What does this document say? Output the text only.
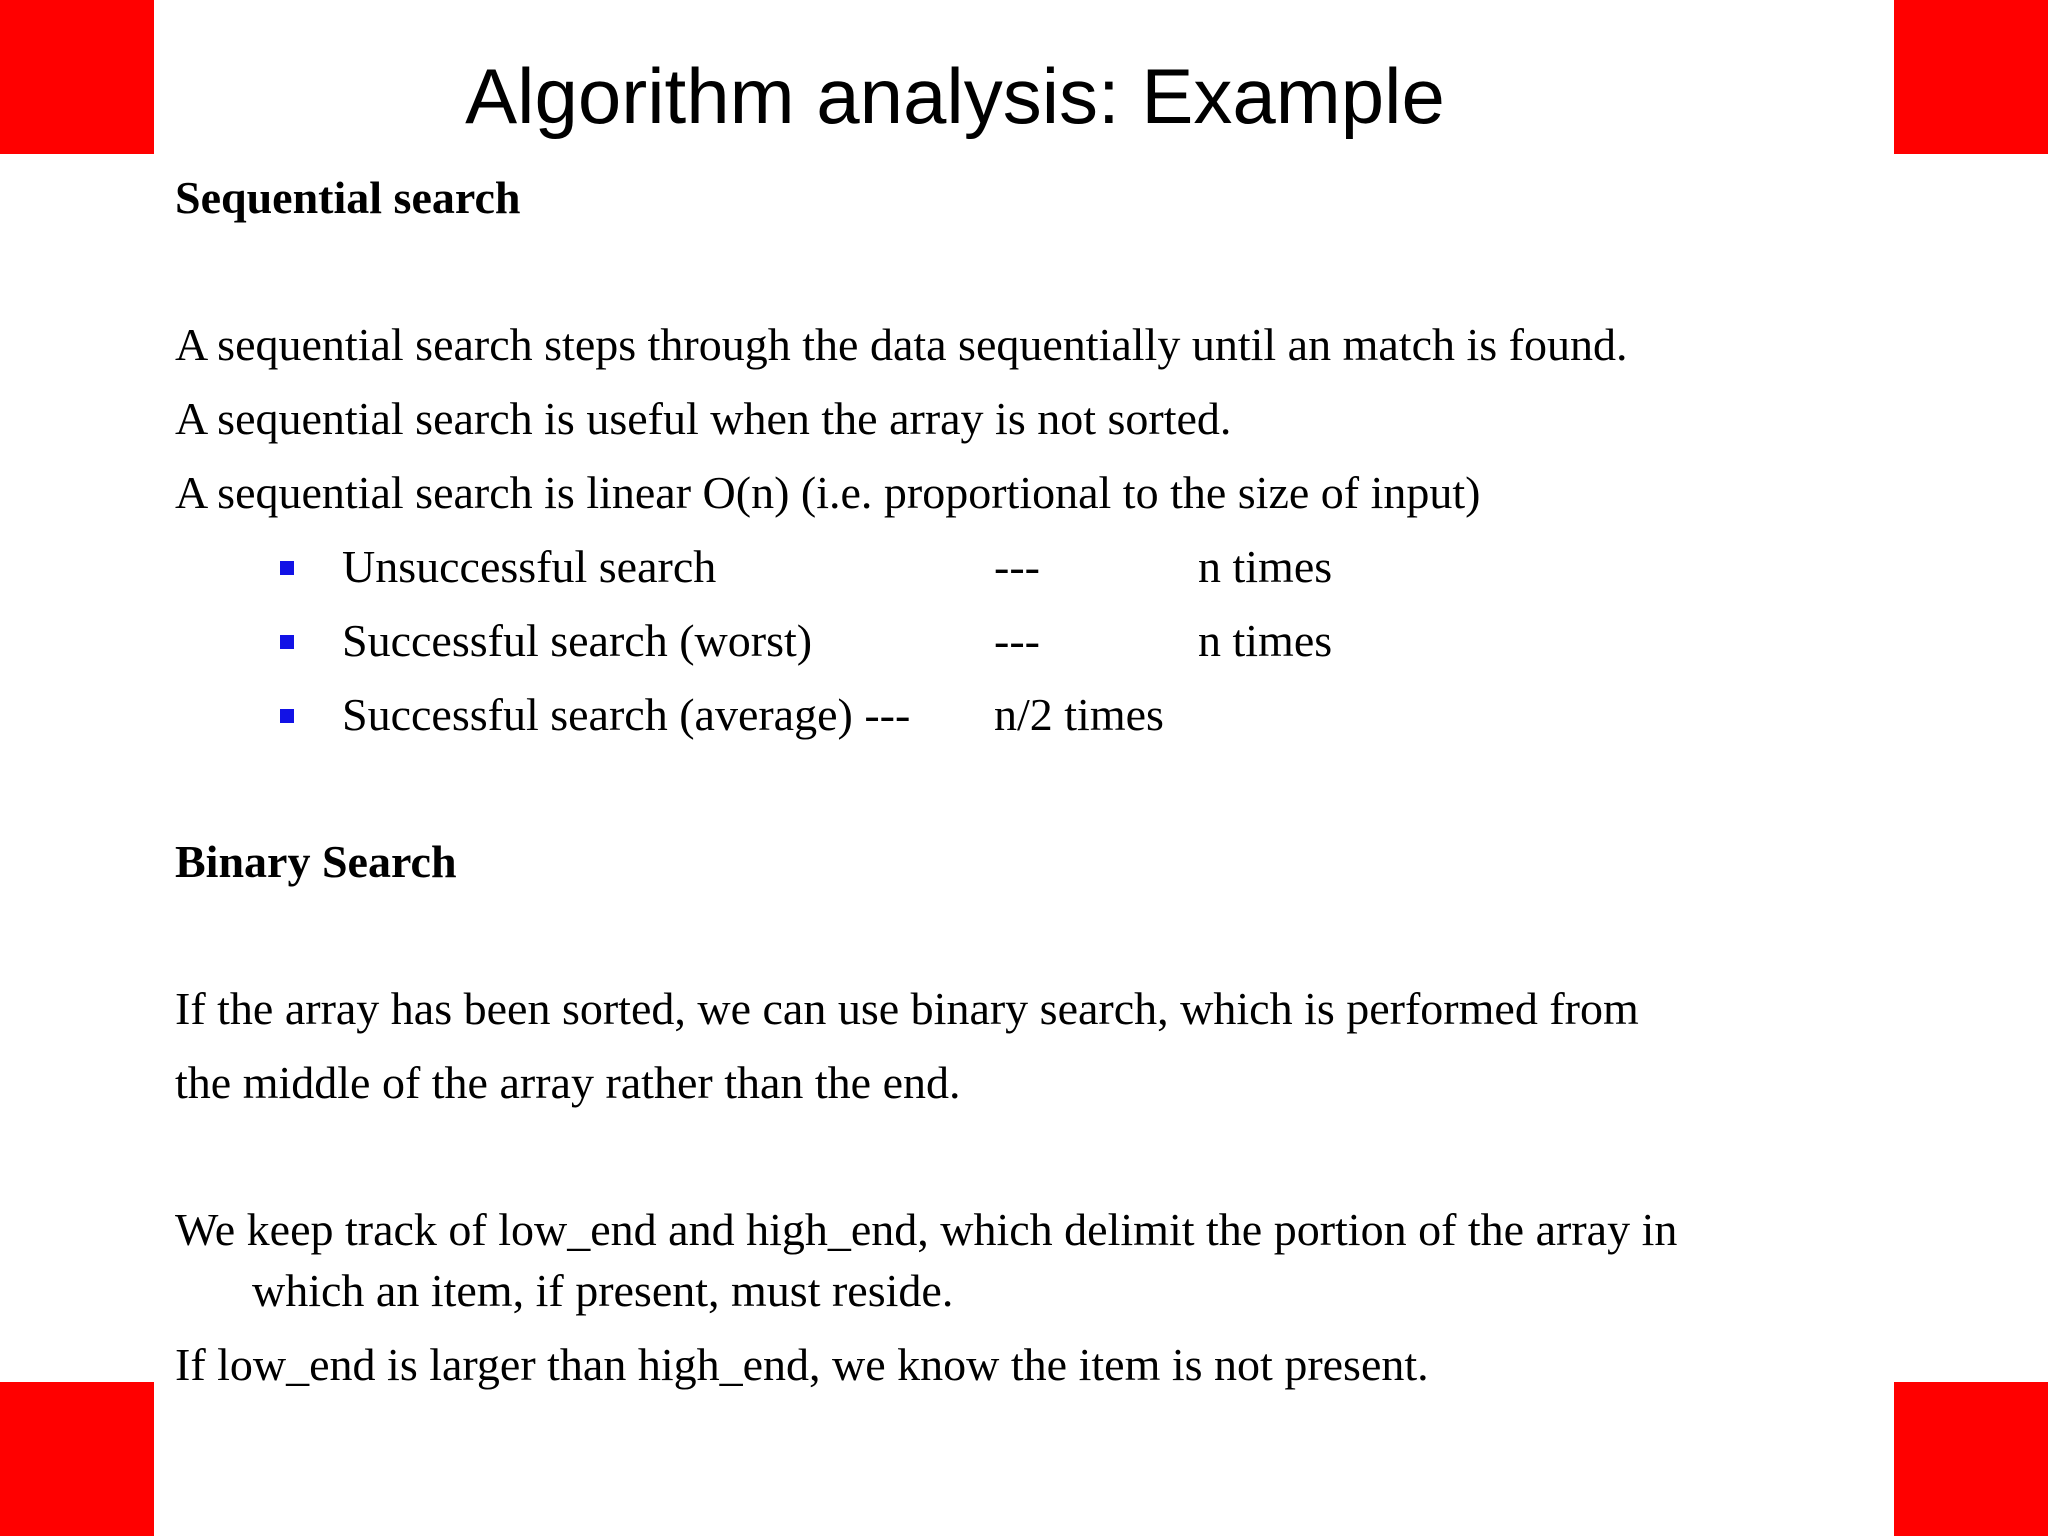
Algorithm analysis: Example
Sequential search
A sequential search steps through the data sequentially until an match is found.
A sequential search is useful when the array is not sorted.
A sequential search is linear O(n) (i.e. proportional to the size of input)
Unsuccessful search	---	n times
Successful search (worst)	---	n times
Successful search (average) --- n/2 times
Binary Search
If the array has been sorted, we can use binary search, which is performed from
the middle of the array rather than the end.
We keep track of low_end and high_end, which delimit the portion of the array in
which an item, if present, must reside.
If low_end is larger than high_end, we know the item is not present.
